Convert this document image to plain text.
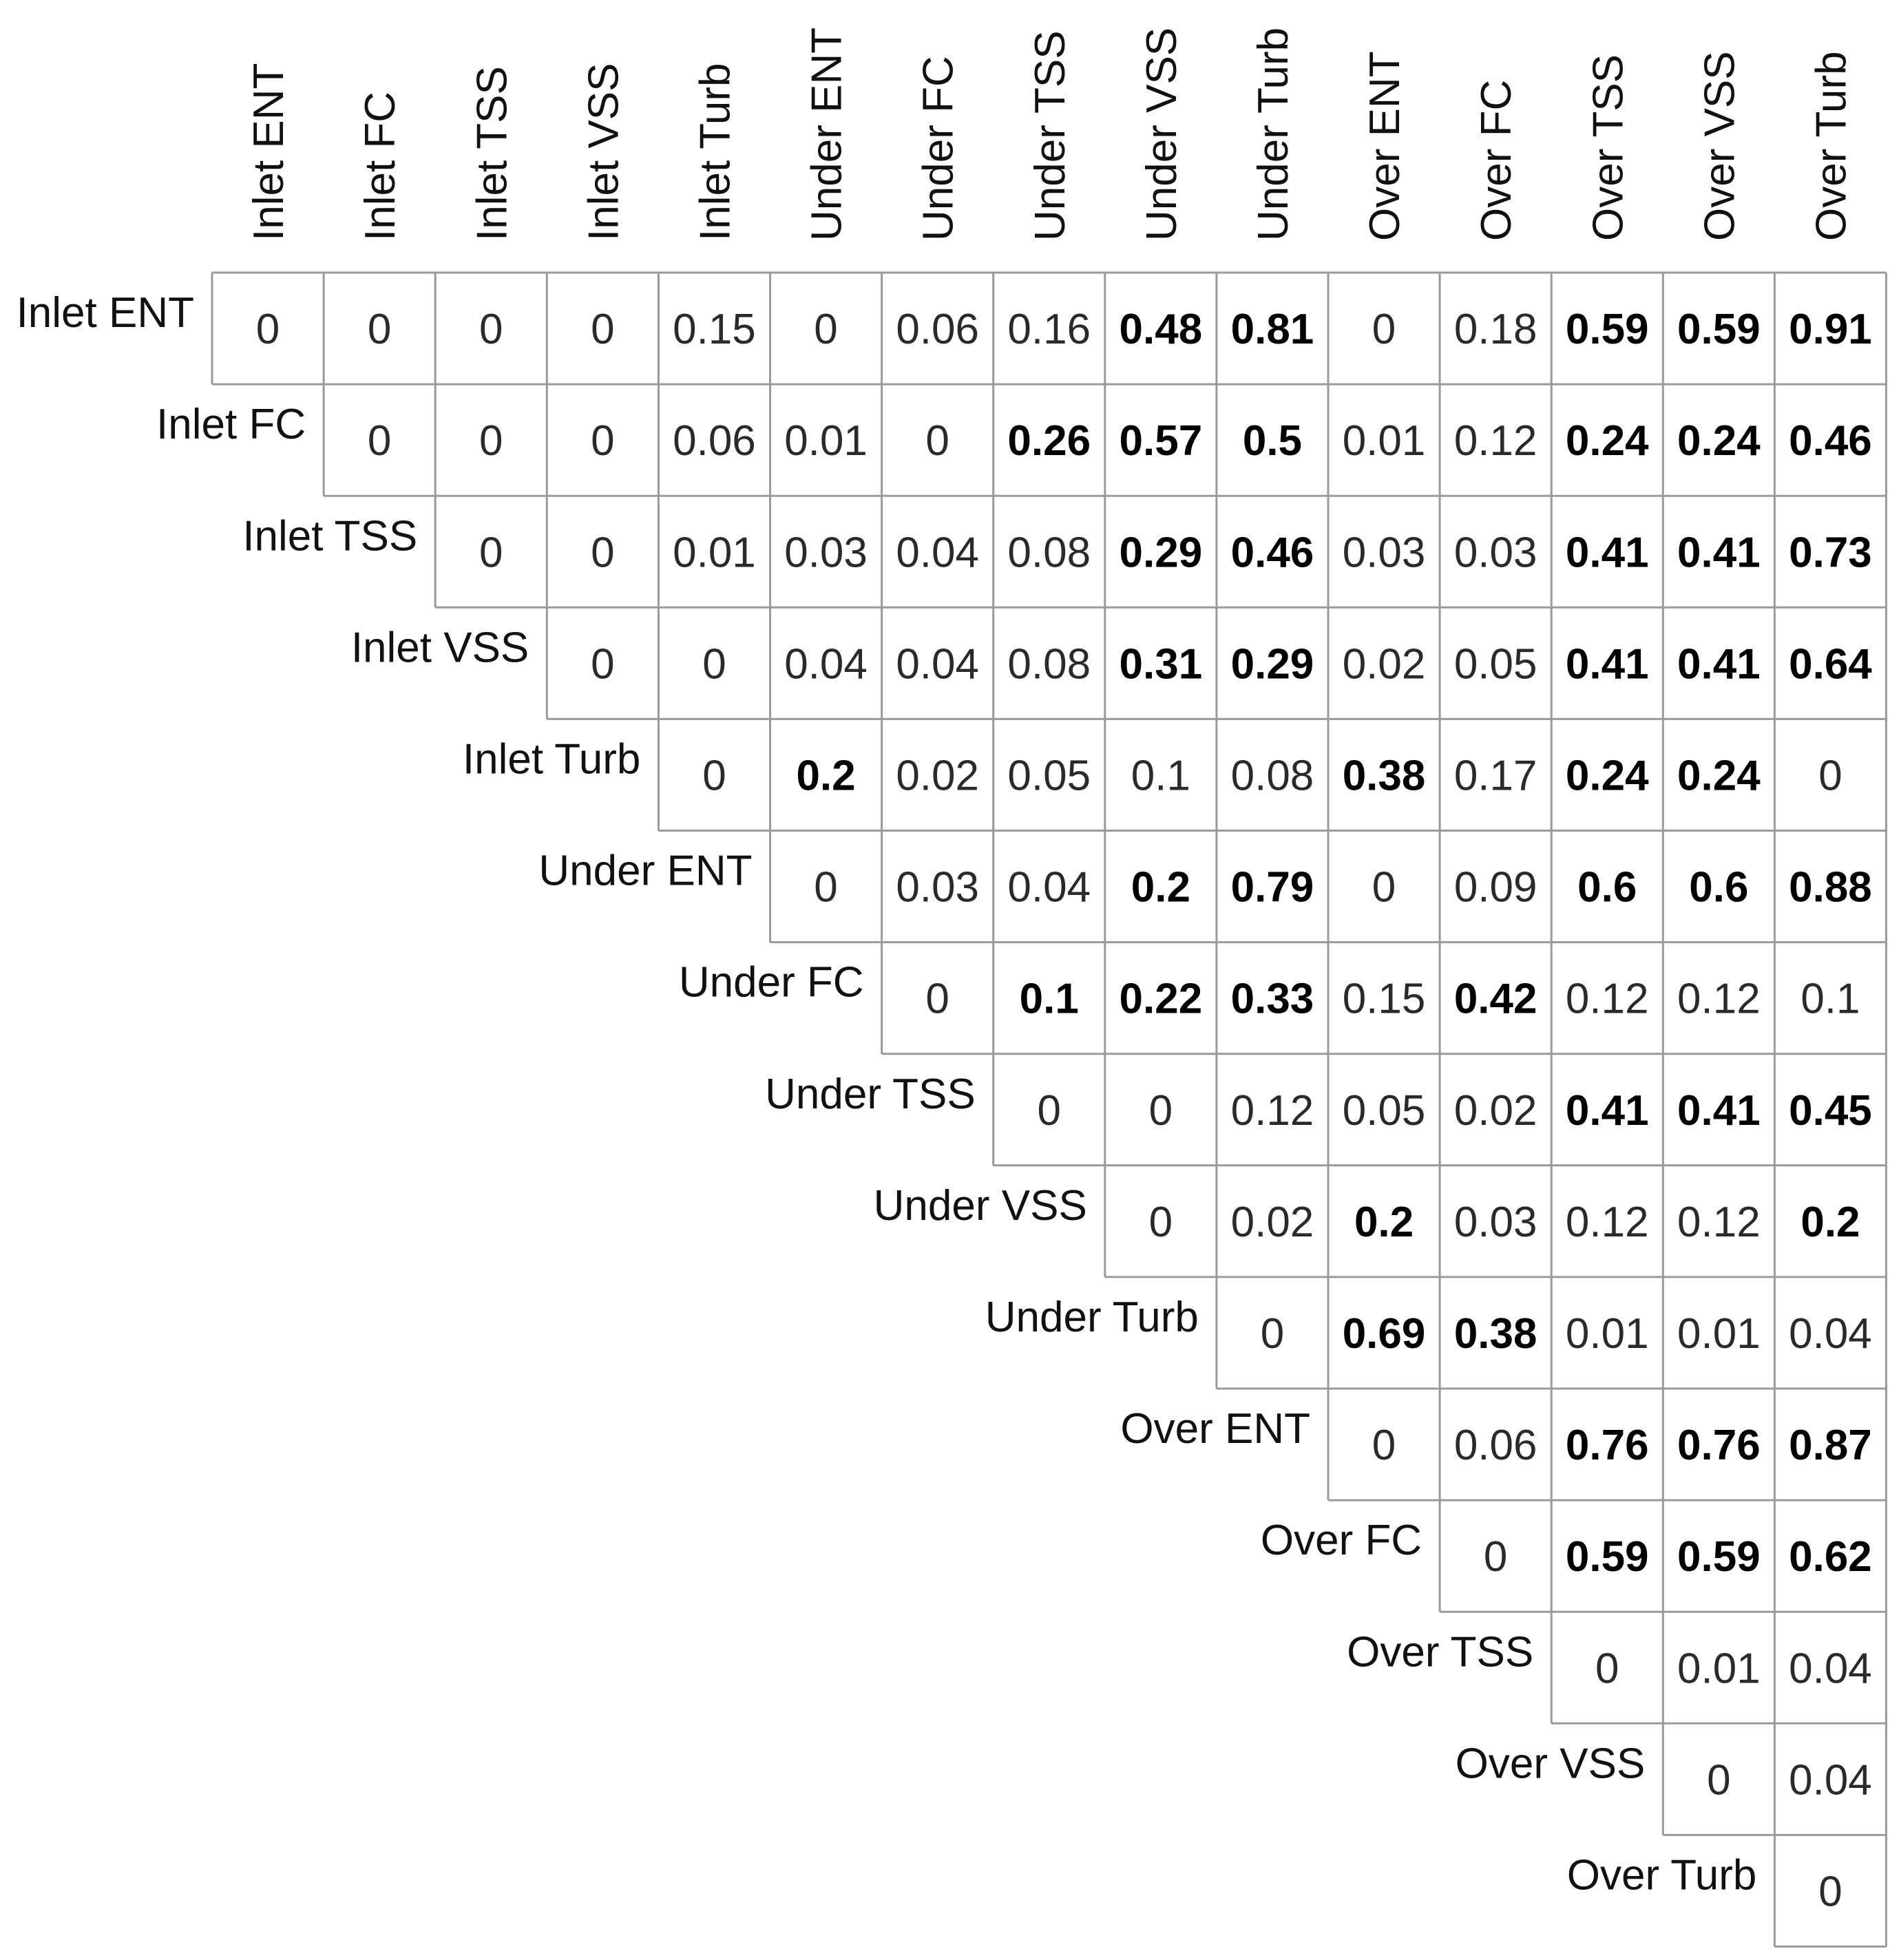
Inlet ENT Inlet FC Inlet TSS Inlet VSS Inlet Turb Under ENT Under FC Under TSS Under VSS Under Turb Over ENT Over FC Over TSS Over VSS Over Turb
Inlet ENT
Inlet FC
Inlet TSS
Inlet VSS
Inlet Turb
Under ENT
Under FC
Under TSS
Under VSS
Under Turb
Over ENT
Over FC
Over TSS
Over VSS
Over Turb
0 0 0 0 0.15 0 0.06 0.16 0.48 0.81 0 0.18 0.59 0.59 0.91
0 0 0 0.06 0.01 0 0.26 0.57 0.5 0.01 0.12 0.24 0.24 0.46
0 0 0.01 0.03 0.04 0.08 0.29 0.46 0.03 0.03 0.41 0.41 0.73
0 0 0.04 0.04 0.08 0.31 0.29 0.02 0.05 0.41 0.41 0.64
0 0.2 0.02 0.05 0.1 0.08 0.38 0.17 0.24 0.24 0
0 0.03 0.04 0.2 0.79 0 0.09 0.6 0.6 0.88
0 0.1 0.22 0.33 0.15 0.42 0.12 0.12 0.1
0 0 0.12 0.05 0.02 0.41 0.41 0.45
0 0.02 0.2 0.03 0.12 0.12 0.2
0 0.69 0.38 0.01 0.01 0.04
0 0.06 0.76 0.76 0.87
0 0.59 0.59 0.62
0 0.01 0.04
0 0.04
0
